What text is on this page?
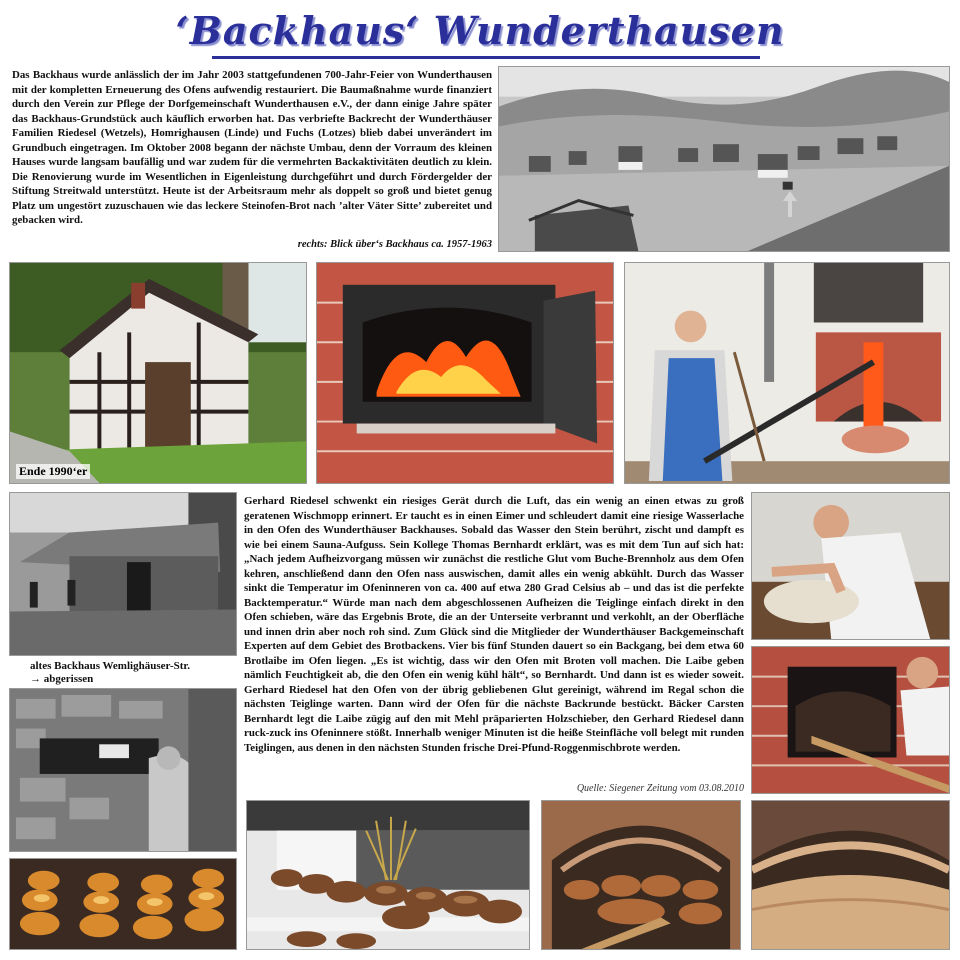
‘Backhaus‘ Wunderthausen
Das Backhaus wurde anlässlich der im Jahr 2003 stattgefundenen 700-Jahr-Feier von Wunderthausen mit der kompletten Erneuerung des Ofens aufwendig restauriert. Die Baumaßnahme wurde finanziert durch den Verein zur Pflege der Dorfgemeinschaft Wunderthausen e.V., der dann einige Jahre später das Backhaus-Grundstück auch käuflich erworben hat. Das verbriefte Backrecht der Wunderthäuser Familien Riedesel (Wetzels), Homrighausen (Linde) und Fuchs (Lotzes) blieb dabei unverändert im Grundbuch eingetragen. Im Oktober 2008 begann der nächste Umbau, denn der Vorraum des kleinen Hauses wurde langsam baufällig und war zudem für die vermehrten Backaktivitäten deutlich zu klein. Die Renovierung wurde im Wesentlichen in Eigenleistung durchgeführt und durch Fördergelder der Stiftung Streitwald unterstützt. Heute ist der Arbeitsraum mehr als doppelt so groß und bietet genug Platz um ungestört zuzuschauen wie das leckere Steinofen-Brot nach ’alter Väter Sitte’ zubereitet und gebacken wird.
rechts: Blick über‘s Backhaus ca. 1957-1963
Ende 1990‘er
altes Backhaus Wemlighäuser-Str.
→ abgerissen
Gerhard Riedesel schwenkt ein riesiges Gerät durch die Luft, das ein wenig an einen etwas zu groß geratenen Wischmopp erinnert. Er taucht es in einen Eimer und schleudert damit eine riesige Wasserlache in den Ofen des Wunderthäuser Backhauses. Sobald das Wasser den Stein berührt, zischt und dampft es wie bei einem Sauna-Aufguss. Sein Kollege Thomas Bernhardt erklärt, was es mit dem Tun auf sich hat: „Nach jedem Aufheizvorgang müssen wir zunächst die restliche Glut vom Buche-Brennholz aus dem Ofen kehren, anschließend dann den Ofen nass auswischen, damit alles ein wenig abkühlt. Durch das Wasser sinkt die Temperatur im Ofeninneren von ca. 400 auf etwa 280 Grad Celsius ab – und das ist die perfekte Backtemperatur.“ Würde man nach dem abgeschlossenen Aufheizen die Teiglinge einfach direkt in den Ofen schieben, wäre das Ergebnis Brote, die an der Unterseite verbrannt und verkohlt, an der Oberfläche und innen drin aber noch roh sind. Zum Glück sind die Mitglieder der Wunderthäuser Backgemeinschaft Experten auf dem Gebiet des Brotbackens. Vier bis fünf Stunden dauert so ein Backgang, bei dem etwa 60 Brotlaibe im Ofen liegen. „Es ist wichtig, dass wir den Ofen mit Broten voll machen. Die Laibe geben nämlich Feuchtigkeit ab, die den Ofen ein wenig kühl hält“, so Bernhardt. Und dann ist es wieder soweit. Gerhard Riedesel hat den Ofen von der übrig gebliebenen Glut gereinigt, während im Regal schon die nächsten Teiglinge warten. Dann wird der Ofen für die nächste Backrunde bestückt. Bäcker Carsten Bernhardt legt die Laibe zügig auf den mit Mehl präparierten Holzschieber, den Gerhard Riedesel dann ruck-zuck ins Ofeninnere stößt. Innerhalb weniger Minuten ist die heiße Steinfläche voll belegt mit runden Teiglingen, aus denen in den nächsten Stunden frische Drei-Pfund-Roggenmischbrote werden.
Quelle: Siegener Zeitung vom 03.08.2010
